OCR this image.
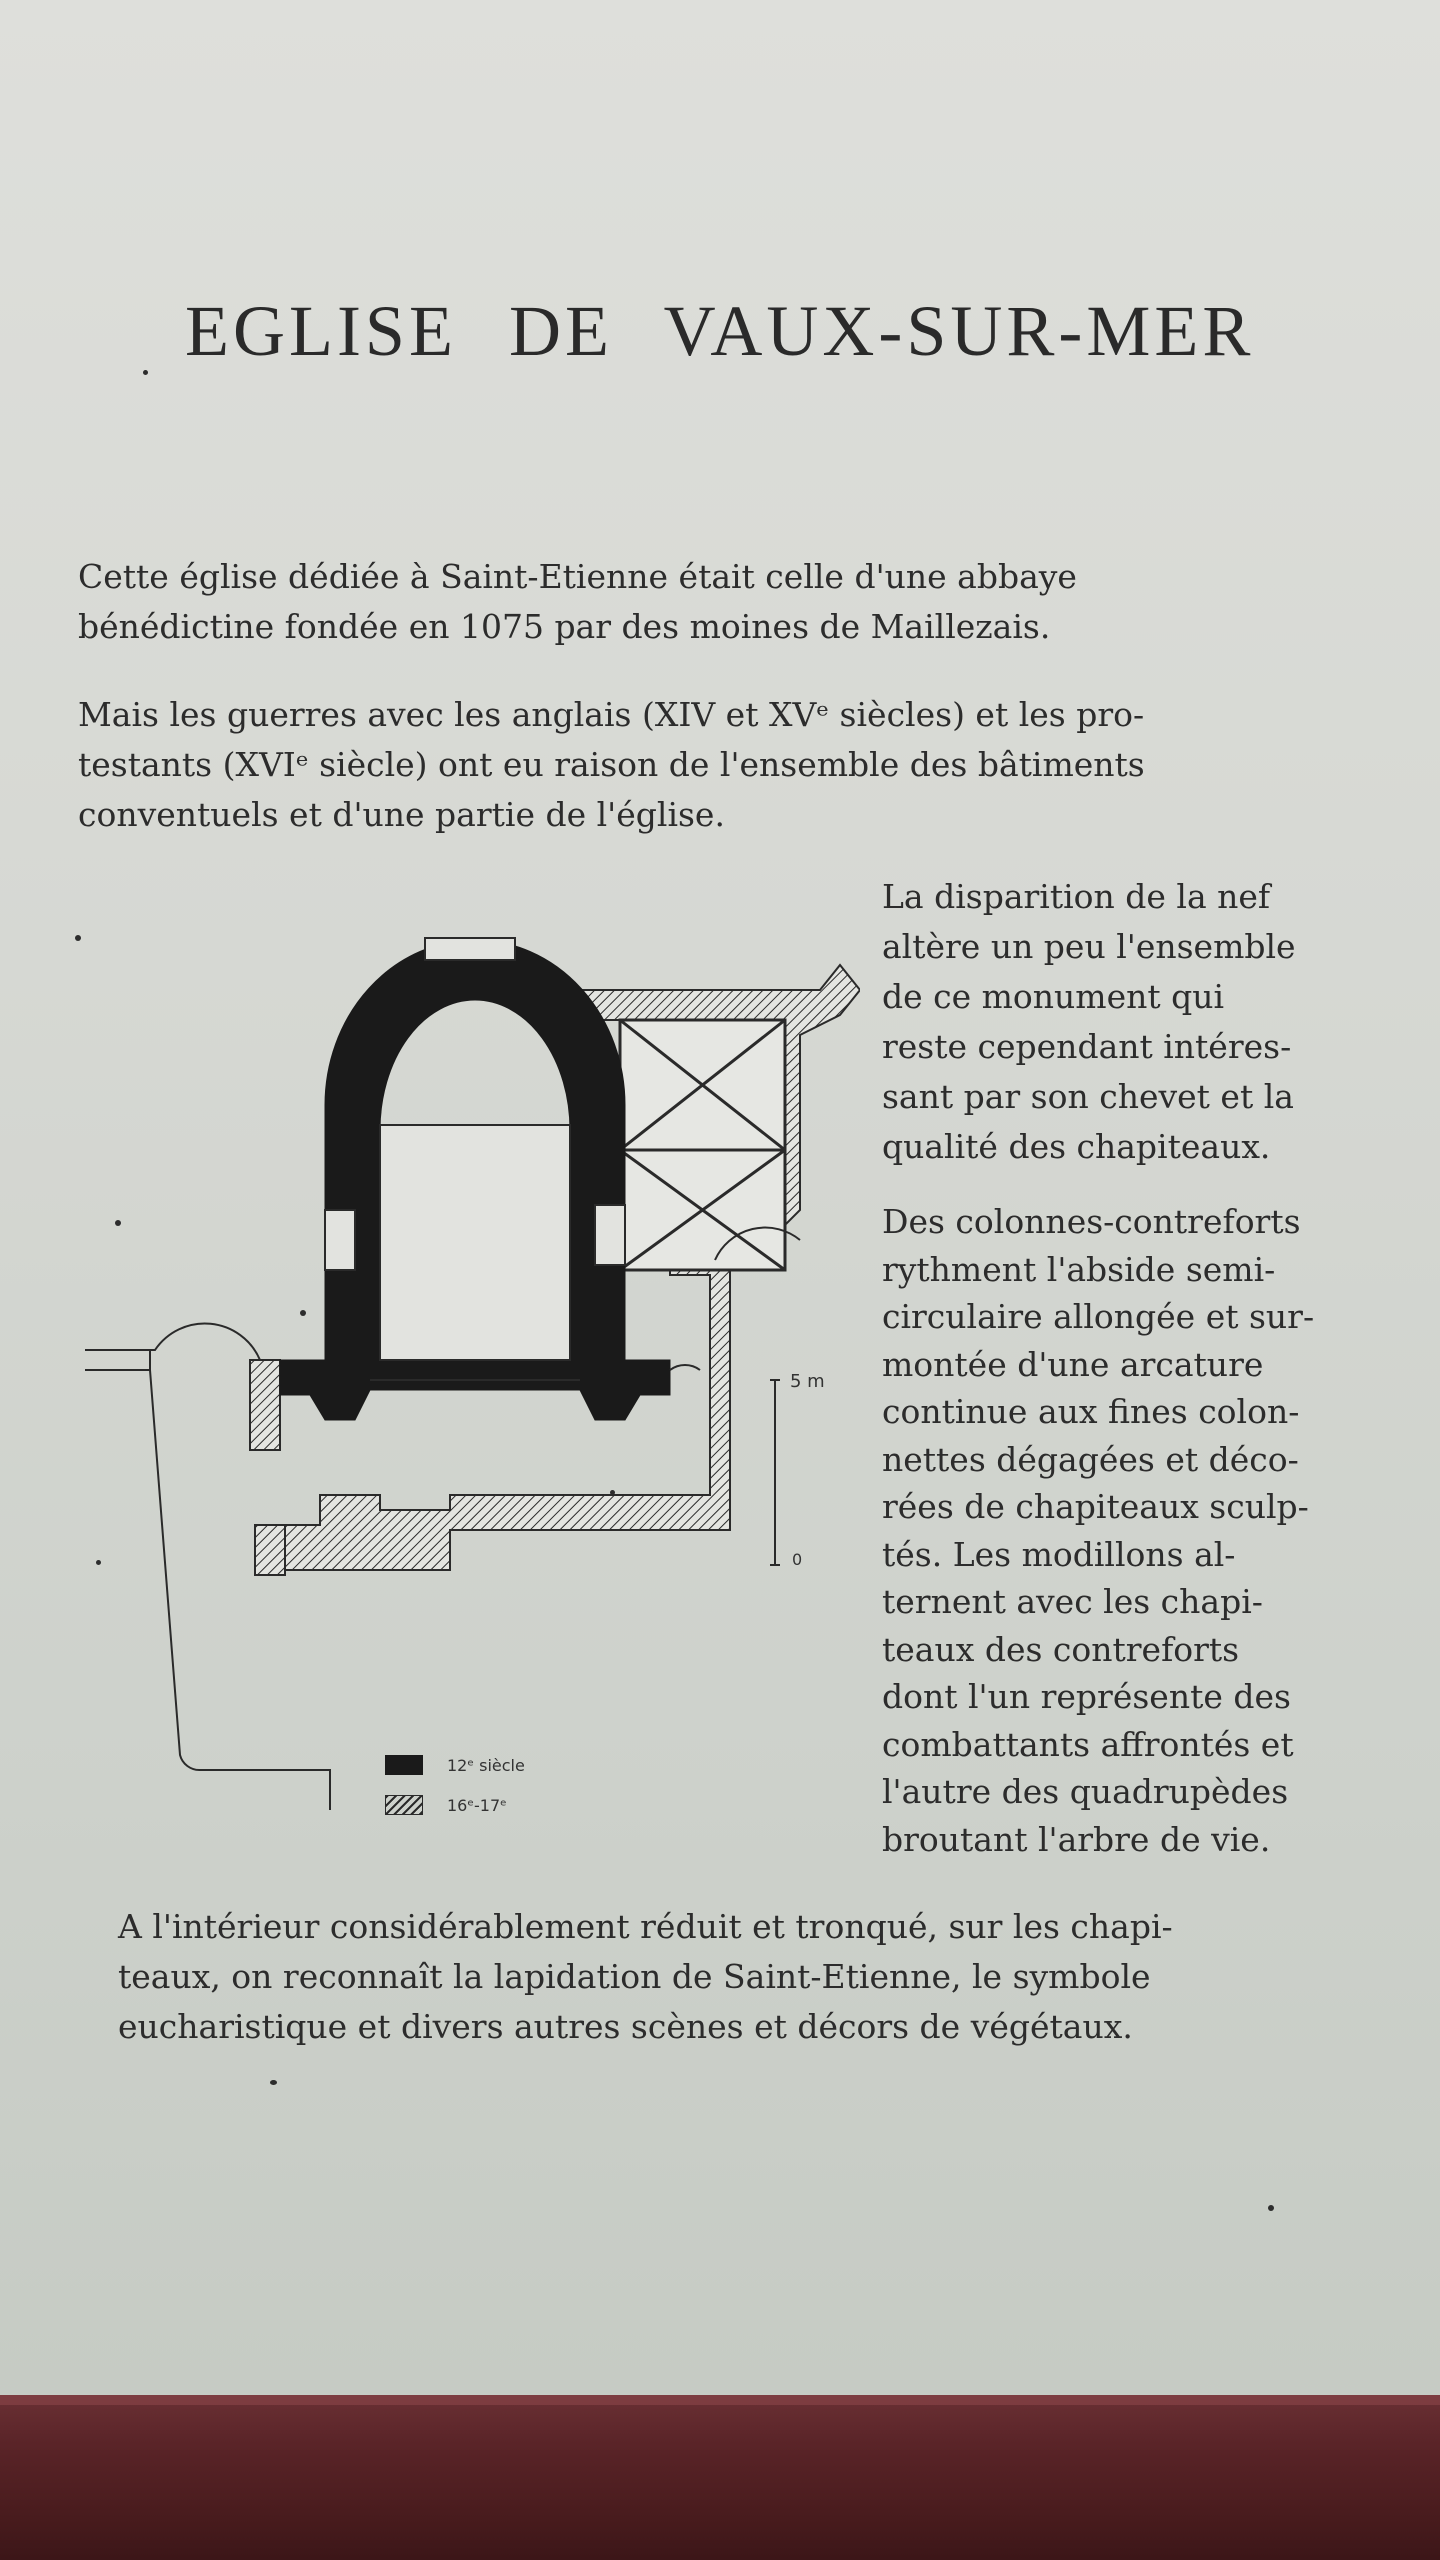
EGLISE DE VAUX-SUR-MER
Cette église dédiée à Saint-Etienne était celle d'une abbaye
bénédictine fondée en 1075 par des moines de Maillezais.
Mais les guerres avec les anglais (XIV et XVᵉ siècles) et les pro-
testants (XVIᵉ siècle) ont eu raison de l'ensemble des bâtiments
conventuels et d'une partie de l'église.
La disparition de la nef
altère un peu l'ensemble
de ce monument qui
reste cependant intéres-
sant par son chevet et la
qualité des chapiteaux.
Des colonnes-contreforts
rythment l'abside semi-
circulaire allongée et sur-
montée d'une arcature
continue aux fines colon-
nettes dégagées et déco-
rées de chapiteaux sculp-
tés. Les modillons al-
ternent avec les chapi-
teaux des contreforts
dont l'un représente des
combattants affrontés et
l'autre des quadrupèdes
broutant l'arbre de vie.
A l'intérieur considérablement réduit et tronqué, sur les chapi-
teaux, on reconnaît la lapidation de Saint-Etienne, le symbole
eucharistique et divers autres scènes et décors de végétaux.
5 m
0
12ᵉ siècle
16ᵉ-17ᵉ
